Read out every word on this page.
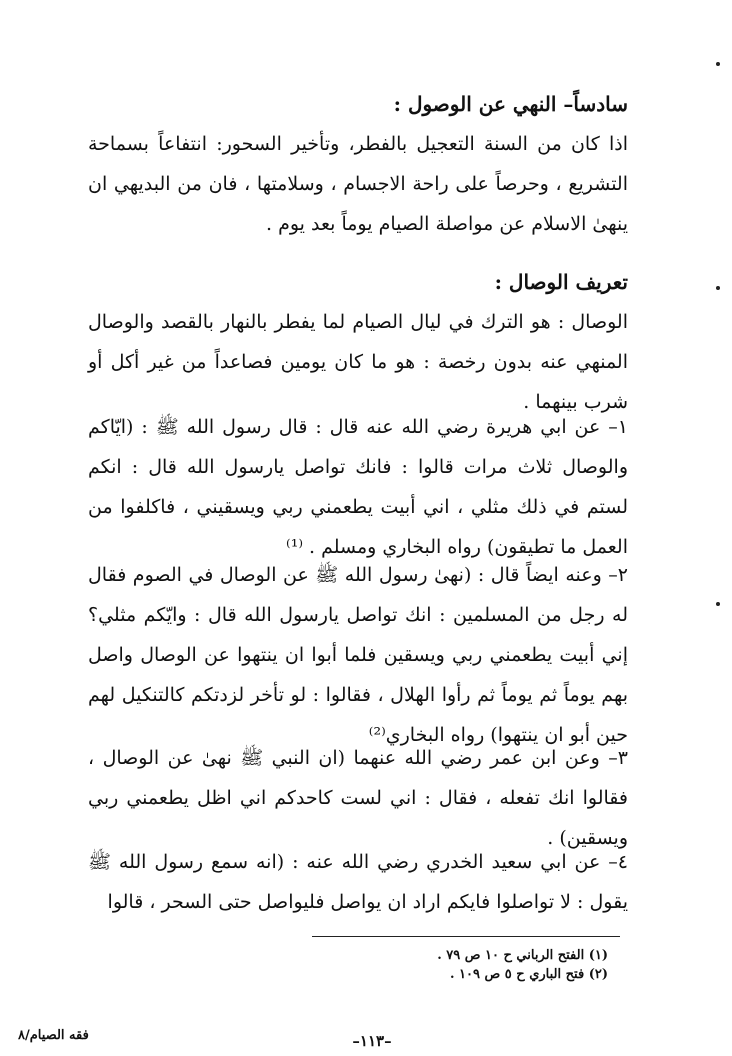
سادساً– النهي عن الوصول :
اذا كان من السنة التعجيل بالفطر، وتأخير السحور: انتفاعاً بسماحة التشريع ، وحرصاً على راحة الاجسام ، وسلامتها ، فان من البديهي ان ينهىٰ الاسلام عن مواصلة الصيام يوماً بعد يوم .
تعريف الوصال :
الوصال : هو الترك في ليال الصيام لما يفطر بالنهار بالقصد والوصال المنهي عنه بدون رخصة : هو ما كان يومين فصاعداً من غير أكل أو شرب بينهما .
١– عن ابي هريرة رضي الله عنه قال : قال رسول الله ﷺ : (ايّاكم والوصال ثلاث مرات قالوا : فانك تواصل يارسول الله قال : انكم لستم في ذلك مثلي ، اني أبيت يطعمني ربي ويسقيني ، فاكلفوا من العمل ما تطيقون) رواه البخاري ومسلم . ⁽¹⁾
٢– وعنه ايضاً قال : (نهىٰ رسول الله ﷺ عن الوصال في الصوم فقال له رجل من المسلمين : انك تواصل يارسول الله قال : وايّكم مثلي؟ إني أبيت يطعمني ربي ويسقين فلما أبوا ان ينتهوا عن الوصال واصل بهم يوماً ثم يوماً ثم رأوا الهلال ، فقالوا : لو تأخر لزدتكم كالتنكيل لهم حين أبو ان ينتهوا) رواه البخاري⁽²⁾
٣– وعن ابن عمر رضي الله عنهما (ان النبي ﷺ نهىٰ عن الوصال ، فقالوا انك تفعله ، فقال : اني لست كاحدكم اني اظل يطعمني ربي ويسقين) .
٤– عن ابي سعيد الخدري رضي الله عنه : (انه سمع رسول الله ﷺ يقول : لا تواصلوا فايكم اراد ان يواصل فليواصل حتى السحر ، قالوا
(١) الفتح الرباني ح ١٠ ص ٧٩ .
(٢) فتح الباري ح ٥ ص ١٠٩ .
–١١٣–
فقه الصيام/٨
